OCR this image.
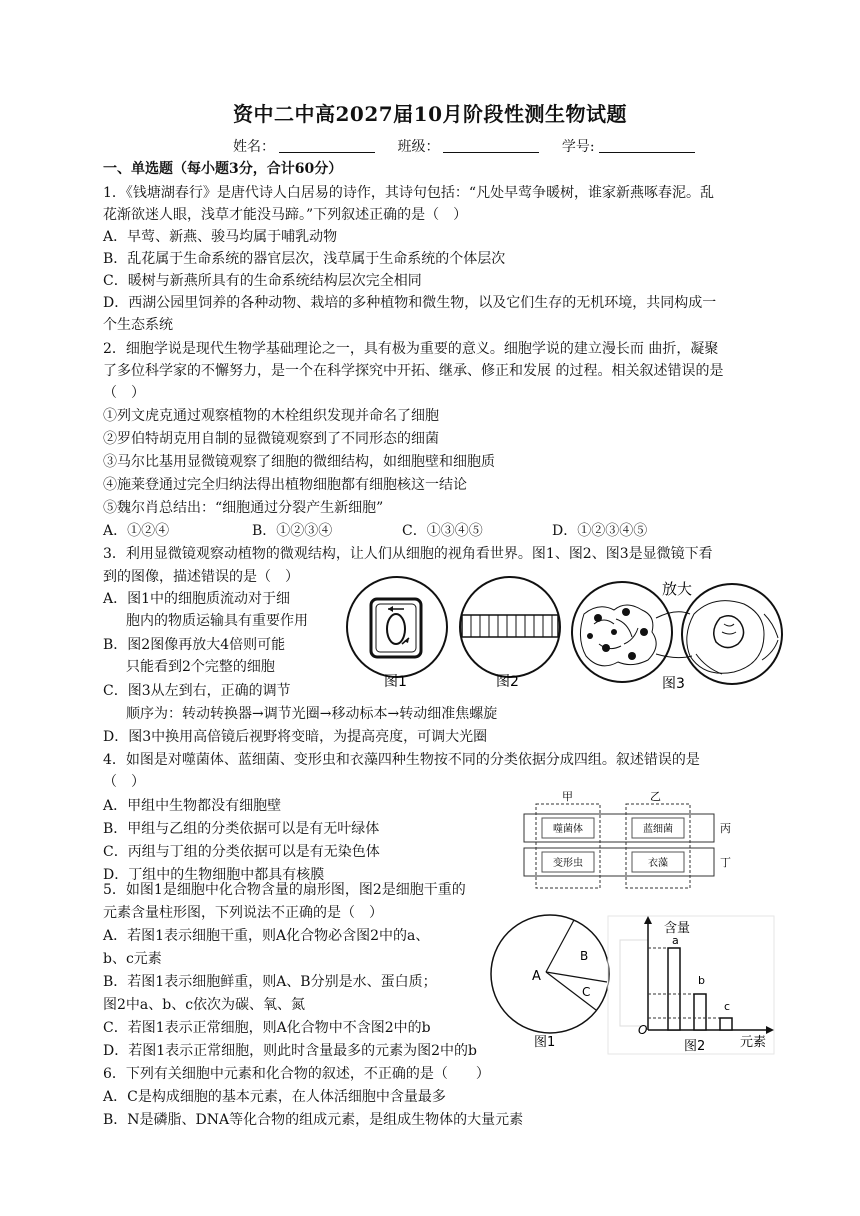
资中二中高2027届10月阶段性测生物试题
姓名：	班级：	学号:
一、单选题（每小题3分，合计60分）
1．《钱塘湖春行》是唐代诗人白居易的诗作，其诗句包括：“凡处早莺争暖树，谁家新燕啄春泥。乱
花渐欲迷人眼，浅草才能没马蹄。”下列叙述正确的是（　）
A．早莺、新燕、骏马均属于哺乳动物
B．乱花属于生命系统的器官层次，浅草属于生命系统的个体层次
C．暖树与新燕所具有的生命系统结构层次完全相同
D．西湖公园里饲养的各种动物、栽培的多种植物和微生物，以及它们生存的无机环境，共同构成一
个生态系统
2．细胞学说是现代生物学基础理论之一，具有极为重要的意义。细胞学说的建立漫长而 曲折，凝聚
了多位科学家的不懈努力，是一个在科学探究中开拓、继承、修正和发展 的过程。相关叙述错误的是
（　）
①列文虎克通过观察植物的木栓组织发现并命名了细胞
②罗伯特胡克用自制的显微镜观察到了不同形态的细菌
③马尔比基用显微镜观察了细胞的微细结构，如细胞壁和细胞质
④施莱登通过完全归纳法得出植物细胞都有细胞核这一结论
⑤魏尔肖总结出：“细胞通过分裂产生新细胞”
A．①②④	B．①②③④	C．①③④⑤	D．①②③④⑤
3．利用显微镜观察动植物的微观结构，让人们从细胞的视角看世界。图1、图2、图3是显微镜下看
到的图像，描述错误的是（　）
A．图1中的细胞质流动对于细
胞内的物质运输具有重要作用
B．图2图像再放大4倍则可能
只能看到2个完整的细胞
C．图3从左到右，正确的调节
顺序为：转动转换器→调节光圈→移动标本→转动细准焦螺旋
D．图3中换用高倍镜后视野将变暗，为提高亮度，可调大光圈
图1	图2
放大
图3
4．如图是对噬菌体、蓝细菌、变形虫和衣藻四种生物按不同的分类依据分成四组。叙述错误的是
（　）
A．甲组中生物都没有细胞壁
B．甲组与乙组的分类依据可以是有无叶绿体
C．丙组与丁组的分类依据可以是有无染色体
D．丁组中的生物细胞中都具有核膜
甲	乙
噬菌体	蓝细菌
变形虫	衣藻
丙
丁
5．如图1是细胞中化合物含量的扇形图，图2是细胞干重的
元素含量柱形图，下列说法不正确的是（　）
A．若图1表示细胞干重，则A化合物必含图2中的a、
b、c元素
B．若图1表示细胞鲜重，则A、B分别是水、蛋白质；
图2中a、b、c依次为碳、氧、氮
C．若图1表示正常细胞，则A化合物中不含图2中的b
D．若图1表示正常细胞，则此时含量最多的元素为图2中的b
A
B
C
图1
含量
O
图2	元素
a
b
c
6．下列有关细胞中元素和化合物的叙述，不正确的是（　　）
A．C是构成细胞的基本元素，在人体活细胞中含量最多
B．N是磷脂、DNA等化合物的组成元素，是组成生物体的大量元素
